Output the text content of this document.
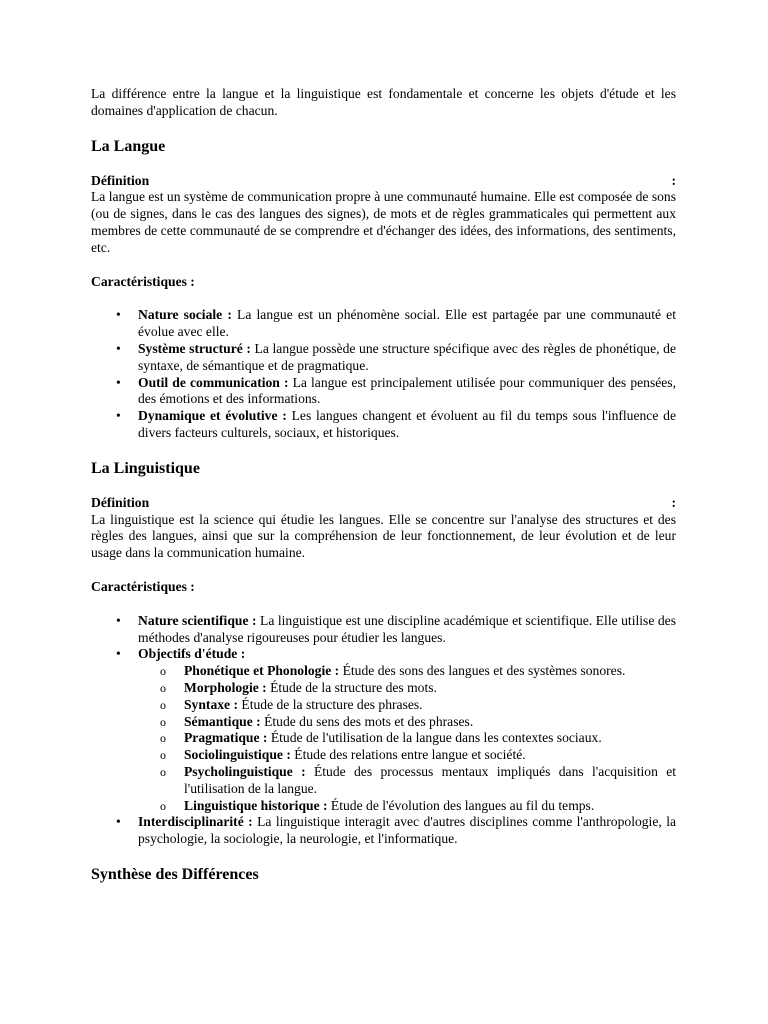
La différence entre la langue et la linguistique est fondamentale et concerne les objets d'étude et les domaines d'application de chacun.

La Langue
Définition	:

La langue est un système de communication propre à une communauté humaine. Elle est composée de sons (ou de signes, dans le cas des langues des signes), de mots et de règles grammaticales qui permettent aux membres de cette communauté de se comprendre et d'échanger des idées, des informations, des sentiments, etc.

Caractéristiques :

• Nature sociale : La langue est un phénomène social. Elle est partagée par une communauté et évolue avec elle.
• Système structuré : La langue possède une structure spécifique avec des règles de phonétique, de syntaxe, de sémantique et de pragmatique.
• Outil de communication : La langue est principalement utilisée pour communiquer des pensées, des émotions et des informations.
• Dynamique et évolutive : Les langues changent et évoluent au fil du temps sous l'influence de divers facteurs culturels, sociaux, et historiques.
La Linguistique
Définition	:

La linguistique est la science qui étudie les langues. Elle se concentre sur l'analyse des structures et des règles des langues, ainsi que sur la compréhension de leur fonctionnement, de leur évolution et de leur usage dans la communication humaine.

Caractéristiques :

• Nature scientifique : La linguistique est une discipline académique et scientifique. Elle utilise des méthodes d'analyse rigoureuses pour étudier les langues.
• Objectifs d'étude :
o Phonétique et Phonologie : Étude des sons des langues et des systèmes sonores.
o Morphologie : Étude de la structure des mots.
o Syntaxe : Étude de la structure des phrases.
o Sémantique : Étude du sens des mots et des phrases.
o Pragmatique : Étude de l'utilisation de la langue dans les contextes sociaux.
o Sociolinguistique : Étude des relations entre langue et société.
o Psycholinguistique : Étude des processus mentaux impliqués dans l'acquisition et l'utilisation de la langue.
o Linguistique historique : Étude de l'évolution des langues au fil du temps.
• Interdisciplinarité : La linguistique interagit avec d'autres disciplines comme l'anthropologie, la psychologie, la sociologie, la neurologie, et l'informatique.
Synthèse des Différences
